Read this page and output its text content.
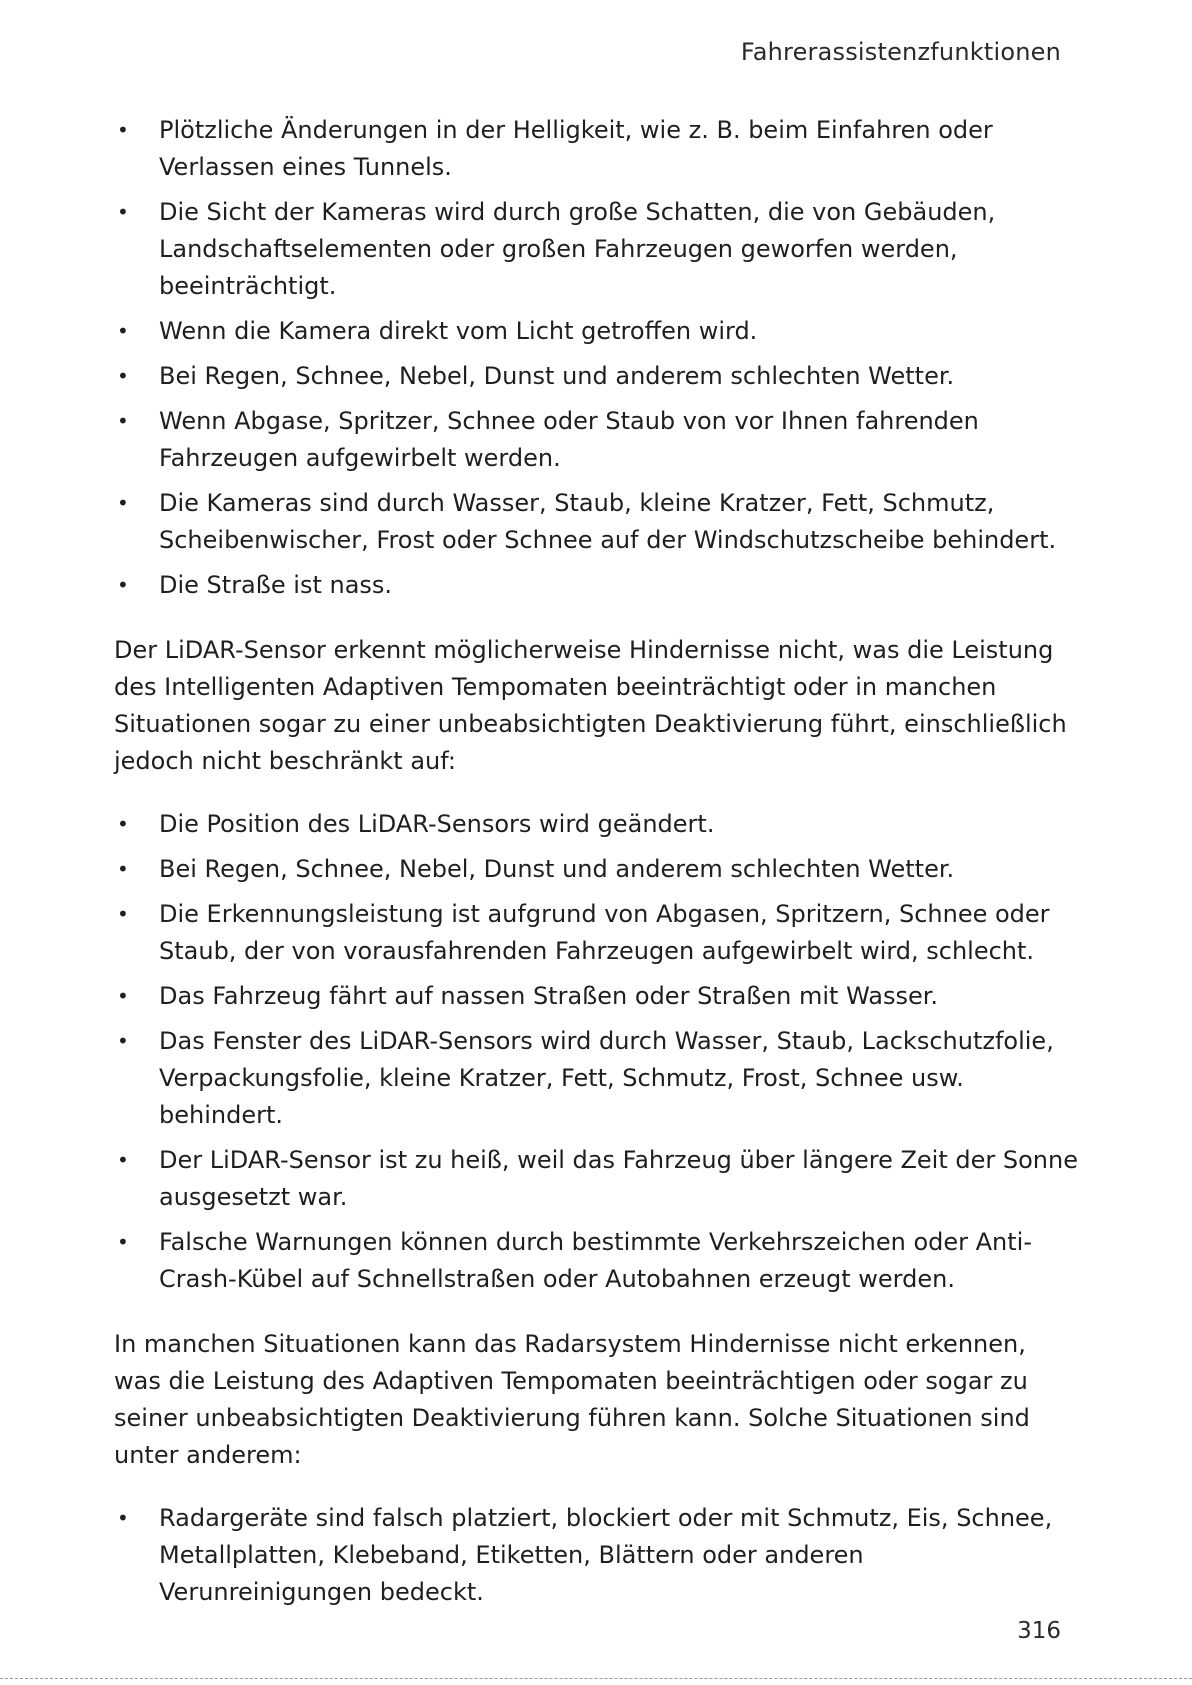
Fahrerassistenzfunktionen
• Plötzliche Änderungen in der Helligkeit, wie z. B. beim Einfahren oder Verlassen eines Tunnels.
• Die Sicht der Kameras wird durch große Schatten, die von Gebäuden, Landschaftselementen oder großen Fahrzeugen geworfen werden, beeinträchtigt.
• Wenn die Kamera direkt vom Licht getroffen wird.
• Bei Regen, Schnee, Nebel, Dunst und anderem schlechten Wetter.
• Wenn Abgase, Spritzer, Schnee oder Staub von vor Ihnen fahrenden Fahrzeugen aufgewirbelt werden.
• Die Kameras sind durch Wasser, Staub, kleine Kratzer, Fett, Schmutz, Scheibenwischer, Frost oder Schnee auf der Windschutzscheibe behindert.
• Die Straße ist nass.

Der LiDAR-Sensor erkennt möglicherweise Hindernisse nicht, was die Leistung des Intelligenten Adaptiven Tempomaten beeinträchtigt oder in manchen Situationen sogar zu einer unbeabsichtigten Deaktivierung führt, einschließlich jedoch nicht beschränkt auf:

• Die Position des LiDAR-Sensors wird geändert.
• Bei Regen, Schnee, Nebel, Dunst und anderem schlechten Wetter.
• Die Erkennungsleistung ist aufgrund von Abgasen, Spritzern, Schnee oder Staub, der von vorausfahrenden Fahrzeugen aufgewirbelt wird, schlecht.
• Das Fahrzeug fährt auf nassen Straßen oder Straßen mit Wasser.
• Das Fenster des LiDAR-Sensors wird durch Wasser, Staub, Lackschutzfolie, Verpackungsfolie, kleine Kratzer, Fett, Schmutz, Frost, Schnee usw. behindert.
• Der LiDAR-Sensor ist zu heiß, weil das Fahrzeug über längere Zeit der Sonne ausgesetzt war.
• Falsche Warnungen können durch bestimmte Verkehrszeichen oder Anti-Crash-Kübel auf Schnellstraßen oder Autobahnen erzeugt werden.

In manchen Situationen kann das Radarsystem Hindernisse nicht erkennen, was die Leistung des Adaptiven Tempomaten beeinträchtigen oder sogar zu seiner unbeabsichtigten Deaktivierung führen kann. Solche Situationen sind unter anderem:

• Radargeräte sind falsch platziert, blockiert oder mit Schmutz, Eis, Schnee, Metallplatten, Klebeband, Etiketten, Blättern oder anderen Verunreinigungen bedeckt.
316
